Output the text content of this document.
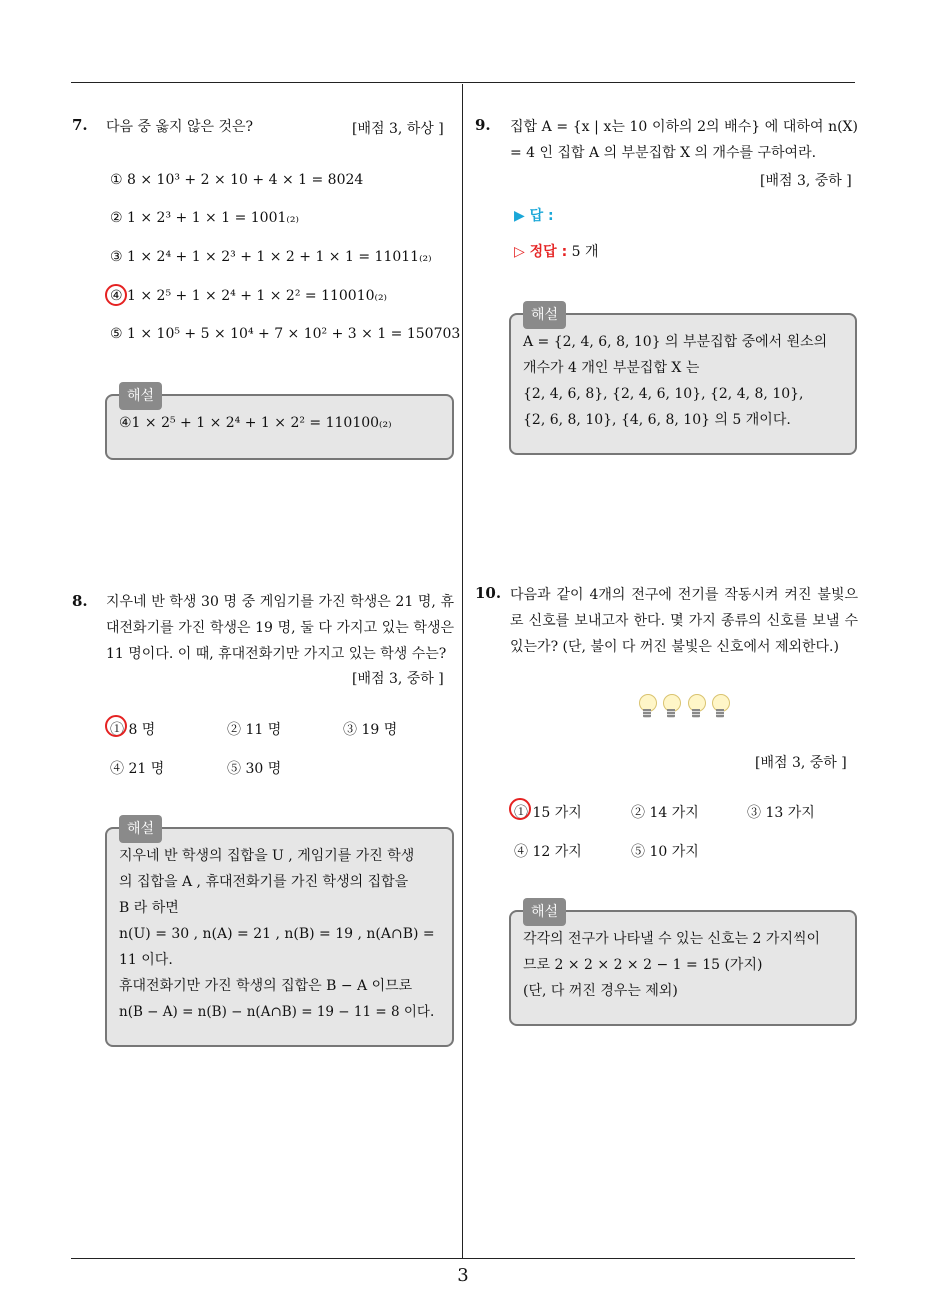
7. 다음 중 옳지 않은 것은?	[배점 3, 하상 ]
① 8 × 10³ + 2 × 10 + 4 × 1 = 8024
② 1 × 2³ + 1 × 1 = 1001₍₂₎
③ 1 × 2⁴ + 1 × 2³ + 1 × 2 + 1 × 1 = 11011₍₂₎
④ 1 × 2⁵ + 1 × 2⁴ + 1 × 2² = 110010₍₂₎
⑤ 1 × 10⁵ + 5 × 10⁴ + 7 × 10² + 3 × 1 = 150703
해설
④1 × 2⁵ + 1 × 2⁴ + 1 × 2² = 110100₍₂₎
8. 지우네 반 학생 30 명 중 게임기를 가진 학생은 21 명, 휴대전화기를 가진 학생은 19 명, 둘 다 가지고 있는 학생은 11 명이다. 이 때, 휴대전화기만 가지고 있는 학생 수는?
[배점 3, 중하 ]
① 8 명	② 11 명	③ 19 명
④ 21 명	⑤ 30 명
해설
지우네 반 학생의 집합을 U , 게임기를 가진 학생
의 집합을 A , 휴대전화기를 가진 학생의 집합을
B 라 하면
n(U) = 30 , n(A) = 21 , n(B) = 19 , n(A∩B) =
11 이다.
휴대전화기만 가진 학생의 집합은 B − A 이므로
n(B − A) = n(B) − n(A∩B) = 19 − 11 = 8 이다.
9. 집합 A = {x | x는 10 이하의 2의 배수} 에 대하여 n(X) = 4 인 집합 A 의 부분집합 X 의 개수를 구하여라.
[배점 3, 중하 ]
▶ 답 :
▷ 정답 : 5 개
해설
A = {2, 4, 6, 8, 10} 의 부분집합 중에서 원소의
개수가 4 개인 부분집합 X 는
{2, 4, 6, 8}, {2, 4, 6, 10}, {2, 4, 8, 10},
{2, 6, 8, 10}, {4, 6, 8, 10} 의 5 개이다.
10. 다음과 같이 4개의 전구에 전기를 작동시켜 켜진 불빛으로 신호를 보내고자 한다. 몇 가지 종류의 신호를 보낼 수 있는가? (단, 불이 다 꺼진 불빛은 신호에서 제외한다.)

[배점 3, 중하 ]
① 15 가지	② 14 가지	③ 13 가지
④ 12 가지	⑤ 10 가지
해설
각각의 전구가 나타낼 수 있는 신호는 2 가지씩이
므로 2 × 2 × 2 × 2 − 1 = 15 (가지)
(단, 다 꺼진 경우는 제외)
3
